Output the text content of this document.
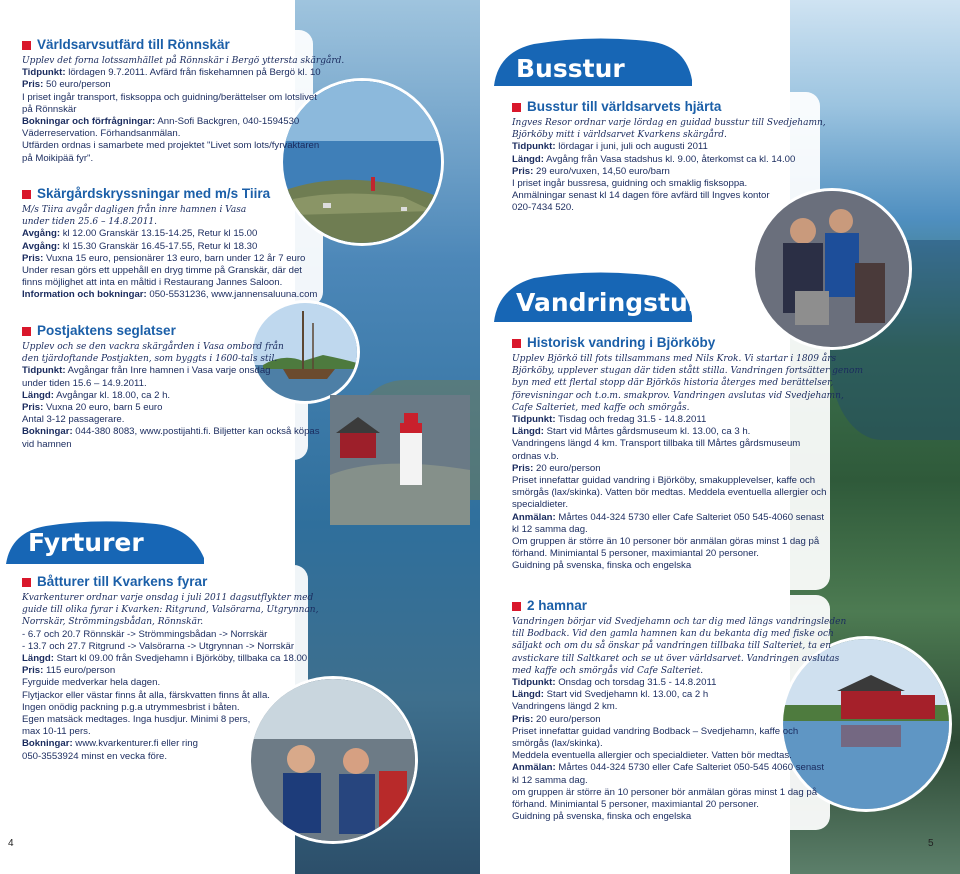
Fyrturer
Världsarvsutfärd till Rönnskär
Upplev det forna lotssamhället på Rönnskär i Bergö yttersta skärgård.
Tidpunkt: lördagen 9.7.2011. Avfärd från fiskehamnen på Bergö kl. 10
Pris: 50 euro/person
I priset ingår transport, fisksoppa och guidning/berättelser om lotslivet
på Rönnskär
Bokningar och förfrågningar: Ann-Sofi Backgren, 040-1594530
Väderreservation. Förhandsanmälan.
Utfärden ordnas i samarbete med projektet "Livet som lots/fyrvaktaren
på Moikipää fyr".
Skärgårdskryssningar med m/s Tiira
M/s Tiira avgår dagligen från inre hamnen i Vasa
under tiden 25.6 – 14.8.2011.
Avgång: kl 12.00 Granskär 13.15-14.25, Retur kl 15.00
Avgång: kl 15.30 Granskär 16.45-17.55, Retur kl 18.30
Pris: Vuxna 15 euro, pensionärer 13 euro, barn under 12 år 7 euro
Under resan görs ett uppehåll en dryg timme på Granskär, där det
finns möjlighet att inta en måltid i Restaurang Jannes Saloon.
Information och bokningar: 050-5531236, www.jannensaluuna.com
Postjaktens seglatser
Upplev och se den vackra skärgården i Vasa ombord från
den tjärdoftande Postjakten, som byggts i 1600-tals stil.
Tidpunkt: Avgångar från Inre hamnen i Vasa varje onsdag
under tiden 15.6 – 14.9.2011.
Längd: Avgångar kl. 18.00, ca 2 h.
Pris: Vuxna 20 euro, barn 5 euro
Antal 3-12 passagerare.
Bokningar: 044-380 8083, www.postijahti.fi. Biljetter kan också köpas
vid hamnen
Båtturer till Kvarkens fyrar
Kvarkenturer ordnar varje onsdag i juli 2011 dagsutflykter med
guide till olika fyrar i Kvarken: Ritgrund, Valsörarna, Utgrynnan,
Norrskär, Strömmingsbådan, Rönnskär.
- 6.7 och 20.7 Rönnskär -> Strömmingsbådan -> Norrskär
- 13.7 och 27.7 Ritgrund -> Valsörarna -> Utgrynnan -> Norrskär
Längd: Start kl 09.00 från Svedjehamn i Björköby, tillbaka ca 18.00
Pris: 115 euro/person
Fyrguide medverkar hela dagen.
Flytjackor eller västar finns åt alla, färskvatten finns åt alla.
Ingen onödig packning p.g.a utrymmesbrist i båten.
Egen matsäck medtages. Inga husdjur. Minimi 8 pers,
max 10-11 pers.
Bokningar: www.kvarkenturer.fi eller ring
050-3553924 minst en vecka före.
4
Busstur
Vandringsturer
Busstur till världsarvets hjärta
Ingves Resor ordnar varje lördag en guidad busstur till Svedjehamn,
Björköby mitt i världsarvet Kvarkens skärgård.
Tidpunkt: lördagar i juni, juli och augusti 2011
Längd: Avgång från Vasa stadshus kl. 9.00, återkomst ca kl. 14.00
Pris: 29 euro/vuxen, 14,50 euro/barn
I priset ingår bussresa, guidning och smaklig fisksoppa.
Anmälningar senast kl 14 dagen före avfärd till Ingves kontor
020-7434 520.
Historisk vandring i Björköby
Upplev Björkö till fots tillsammans med Nils Krok. Vi startar i 1809 års
Björköby, upplever stugan där tiden stått stilla. Vandringen fortsätter genom
byn med ett flertal stopp där Björkös historia återges med berättelser,
förevisningar och t.o.m. smakprov. Vandringen avslutas vid Svedjehamn,
Cafe Salteriet, med kaffe och smörgås.
Tidpunkt: Tisdag och fredag 31.5 - 14.8.2011
Längd: Start vid Mårtes gårdsmuseum kl. 13.00, ca 3 h.
Vandringens längd 4 km. Transport tillbaka till Mårtes gårdsmuseum
ordnas v.b.
Pris: 20 euro/person
Priset innefattar guidad vandring i Björköby, smakupplevelser, kaffe och
smörgås (lax/skinka). Vatten bör medtas. Meddela eventuella allergier och
specialdieter.
Anmälan: Mårtes 044-324 5730 eller Cafe Salteriet 050 545-4060 senast
kl 12 samma dag.
Om gruppen är större än 10 personer bör anmälan göras minst 1 dag på
förhand. Minimiantal 5 personer, maximiantal 20 personer.
Guidning på svenska, finska och engelska
2 hamnar
Vandringen börjar vid Svedjehamn och tar dig med längs vandringsleden
till Bodback. Vid den gamla hamnen kan du bekanta dig med fiske och
säljakt och om du så önskar på vandringen tillbaka till Salteriet, ta en
avstickare till Saltkaret och se ut över världsarvet. Vandringen avslutas
med kaffe och smörgås vid Cafe Salteriet.
Tidpunkt: Onsdag och torsdag 31.5 - 14.8.2011
Längd: Start vid Svedjehamn kl. 13.00, ca 2 h
Vandringens längd 2 km.
Pris: 20 euro/person
Priset innefattar guidad vandring Bodback – Svedjehamn, kaffe och
smörgås (lax/skinka).
Meddela eventuella allergier och specialdieter. Vatten bör medtas.
Anmälan: Mårtes 044-324 5730 eller Cafe Salteriet 050-545 4060 senast
kl 12 samma dag.
om gruppen är större än 10 personer bör anmälan göras minst 1 dag på
förhand. Minimiantal 5 personer, maximiantal 20 personer.
Guidning på svenska, finska och engelska
5
